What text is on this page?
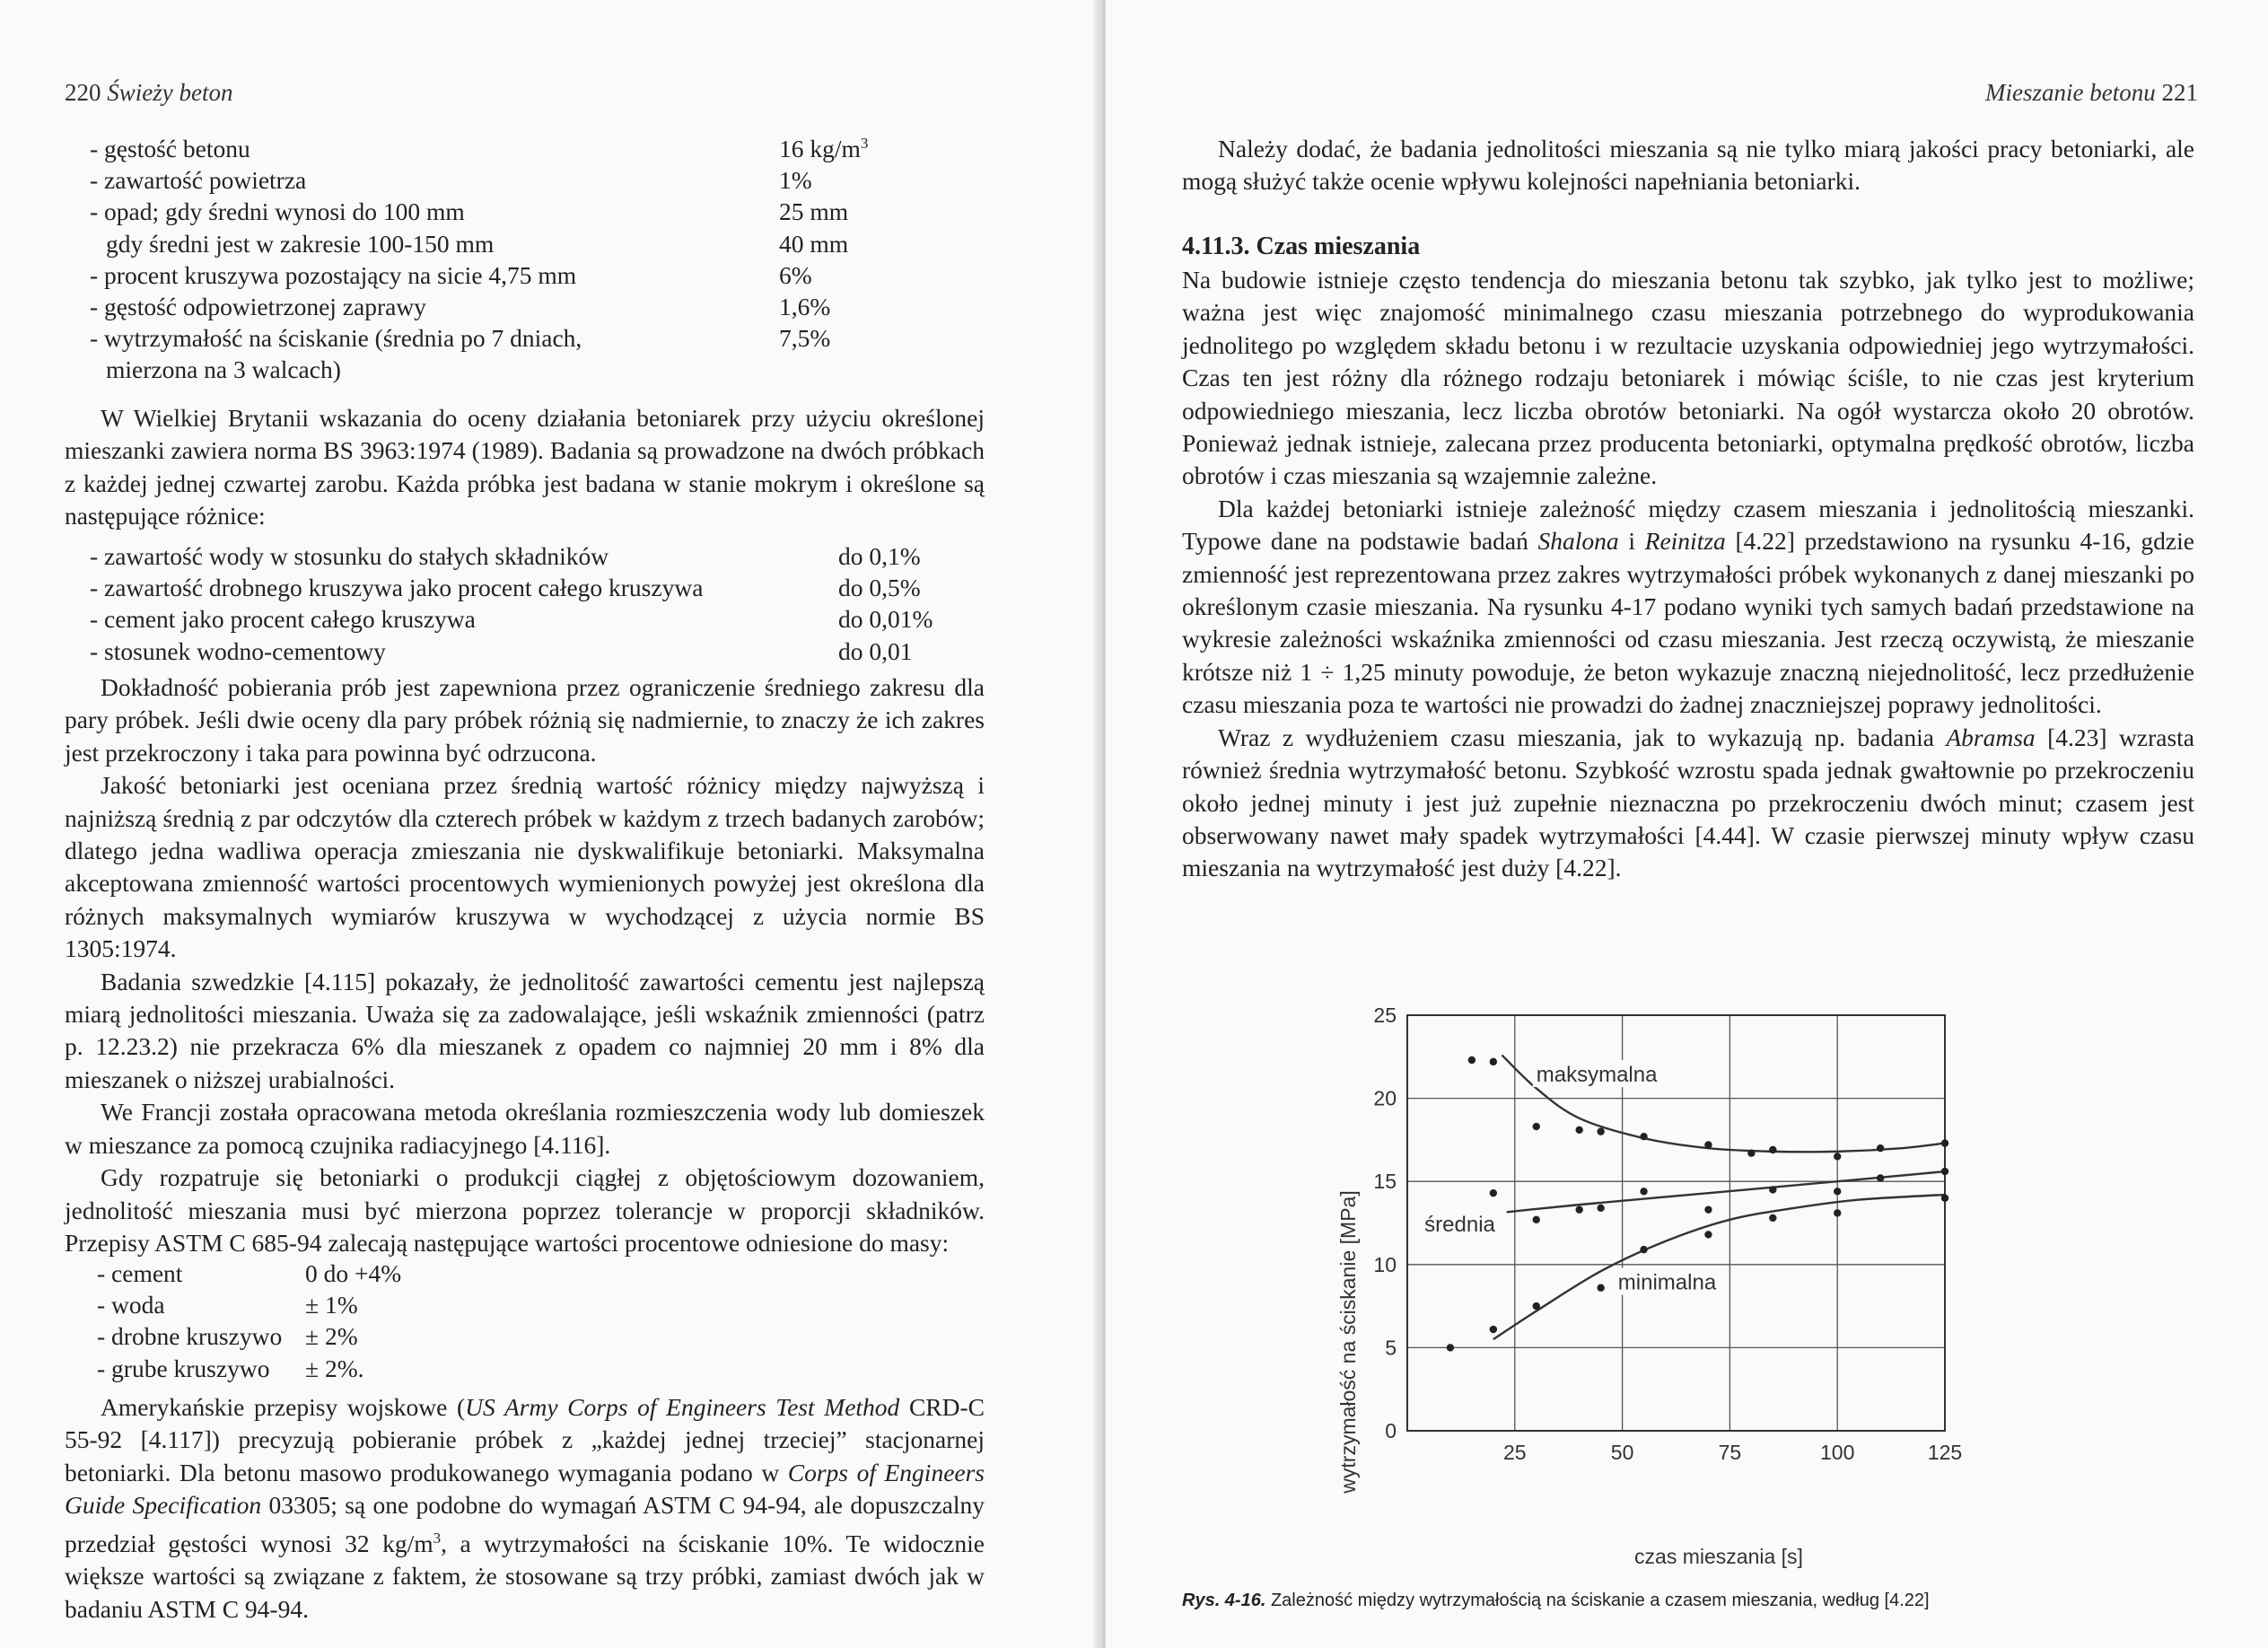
220 Świeży beton
- gęstość betonu	16 $kg/m^3$
- zawartość powietrza	1%
- opad; gdy średni wynosi do 100 mm	25 mm
gdy średni jest w zakresie 100-150 mm	40 mm
- procent kruszywa pozostający na sicie 4,75 mm	6%
- gęstość odpowietrzonej zaprawy	1,6%
- wytrzymałość na ściskanie (średnia po 7 dniach,	7,5%
mierzona na 3 walcach)

W Wielkiej Brytanii wskazania do oceny działania betoniarek przy użyciu określonej mieszanki zawiera norma BS 3963:1974 (1989). Badania są prowadzone na dwóch próbkach z każdej jednej czwartej zarobu. Każda próbka jest badana w stanie mokrym i określone są następujące różnice:

- zawartość wody w stosunku do stałych składników	do 0,1%
- zawartość drobnego kruszywa jako procent całego kruszywa	do 0,5%
- cement jako procent całego kruszywa	do 0,01%
- stosunek wodno-cementowy	do 0,01

Dokładność pobierania prób jest zapewniona przez ograniczenie średniego zakresu dla pary próbek. Jeśli dwie oceny dla pary próbek różnią się nadmiernie, to znaczy że ich zakres jest przekroczony i taka para powinna być odrzucona.

Jakość betoniarki jest oceniana przez średnią wartość różnicy między najwyższą i najniższą średnią z par odczytów dla czterech próbek w każdym z trzech badanych zarobów; dlatego jedna wadliwa operacja zmieszania nie dyskwalifikuje betoniarki. Maksymalna akceptowana zmienność wartości procentowych wymienionych powyżej jest określona dla różnych maksymalnych wymiarów kruszywa w wychodzącej z użycia normie BS 1305:1974.

Badania szwedzkie [4.115] pokazały, że jednolitość zawartości cementu jest najlepszą miarą jednolitości mieszania. Uważa się za zadowalające, jeśli wskaźnik zmienności (patrz p. 12.23.2) nie przekracza 6% dla mieszanek z opadem co najmniej 20 mm i 8% dla mieszanek o niższej urabialności.

We Francji została opracowana metoda określania rozmieszczenia wody lub domieszek w mieszance za pomocą czujnika radiacyjnego [4.116].

Gdy rozpatruje się betoniarki o produkcji ciągłej z objętościowym dozowaniem, jednolitość mieszania musi być mierzona poprzez tolerancje w proporcji składników. Przepisy ASTM C 685-94 zalecają następujące wartości procentowe odniesione do masy:

- cement	0 do +4%
- woda	± 1%
- drobne kruszywo ± 2%
- grube kruszywo ± 2%.

Amerykańskie przepisy wojskowe (US Army Corps of Engineers Test Method CRD-C 55-92 [4.117]) precyzują pobieranie próbek z „każdej jednej trzeciej” stacjonarnej betoniarki. Dla betonu masowo produkowanego wymagania podano w Corps of Engineers Guide Specification 03305; są one podobne do wymagań ASTM C 94-94, ale dopuszczalny przedział gęstości wynosi 32 $kg/m^3$, a wytrzymałości na ściskanie 10%. Te widocznie większe wartości są związane z faktem, że stosowane są trzy próbki, zamiast dwóch jak w badaniu ASTM C 94-94.

Mieszanie betonu 221

Należy dodać, że badania jednolitości mieszania są nie tylko miarą jakości pracy betoniarki, ale mogą służyć także ocenie wpływu kolejności napełniania betoniarki.

4.11.3. Czas mieszania

Na budowie istnieje często tendencja do mieszania betonu tak szybko, jak tylko jest to możliwe; ważna jest więc znajomość minimalnego czasu mieszania potrzebnego do wyprodukowania jednolitego po względem składu betonu i w rezultacie uzyskania odpowiedniej jego wytrzymałości. Czas ten jest różny dla różnego rodzaju betoniarek i mówiąc ściśle, to nie czas jest kryterium odpowiedniego mieszania, lecz liczba obrotów betoniarki. Na ogół wystarcza około 20 obrotów. Ponieważ jednak istnieje, zalecana przez producenta betoniarki, optymalna prędkość obrotów, liczba obrotów i czas mieszania są wzajemnie zależne.

Dla każdej betoniarki istnieje zależność między czasem mieszania i jednolitością mieszanki. Typowe dane na podstawie badań Shalona i Reinitza [4.22] przedstawiono na rysunku 4-16, gdzie zmienność jest reprezentowana przez zakres wytrzymałości próbek wykonanych z danej mieszanki po określonym czasie mieszania. Na rysunku 4-17 podano wyniki tych samych badań przedstawione na wykresie zależności wskaźnika zmienności od czasu mieszania. Jest rzeczą oczywistą, że mieszanie krótsze niż 1 ÷ 1,25 minuty powoduje, że beton wykazuje znaczną niejednolitość, lecz przedłużenie czasu mieszania poza te wartości nie prowadzi do żadnej znaczniejszej poprawy jednolitości.

Wraz z wydłużeniem czasu mieszania, jak to wykazują np. badania Abramsa [4.23] wzrasta również średnia wytrzymałość betonu. Szybkość wzrostu spada jednak gwałtownie po przekroczeniu około jednej minuty i jest już zupełnie nieznaczna po przekroczeniu dwóch minut; czasem jest obserwowany nawet mały spadek wytrzymałości [4.44]. W czasie pierwszej minuty wpływ czasu mieszania na wytrzymałość jest duży [4.22].

wytrzymałość na ściskanie [MPa]
czas mieszania [s]
0
5
10
15
20
25
25	50	75	100	125
maksymalna
średnia
minimalna
Rys. 4-16. Zależność między wytrzymałością na ściskanie a czasem mieszania, według [4.22]
